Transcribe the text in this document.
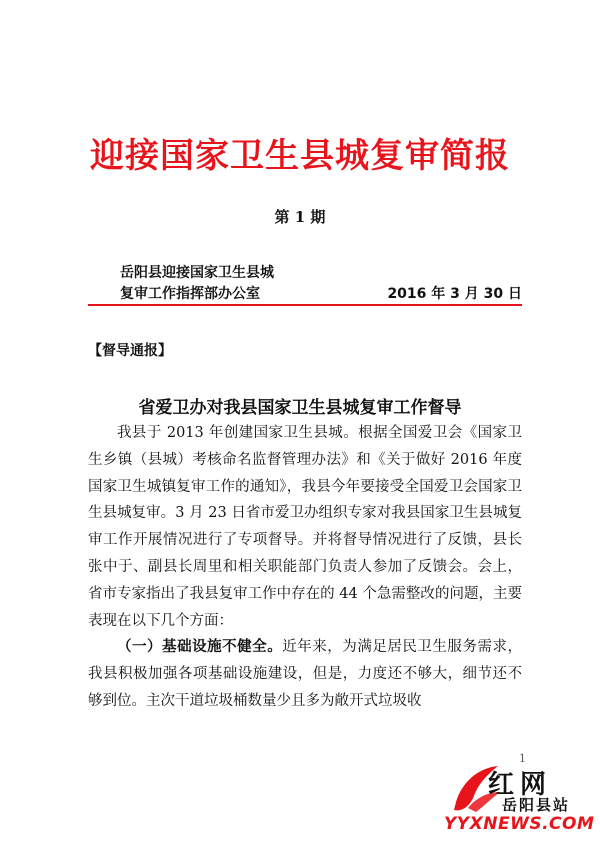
迎接国家卫生县城复审简报
第 1 期
岳阳县迎接国家卫生县城
复审工作指挥部办公室	2016 年 3 月 30 日
【督导通报】
省爱卫办对我县国家卫生县城复审工作督导

我县于 2013 年创建国家卫生县城。根据全国爱卫会《国家卫生乡镇（县城）考核命名监督管理办法》和《关于做好 2016 年度国家卫生城镇复审工作的通知》，我县今年要接受全国爱卫会国家卫生县城复审。3 月 23 日省市爱卫办组织专家对我县国家卫生县城复审工作开展情况进行了专项督导。并将督导情况进行了反馈，县长张中于、副县长周里和相关职能部门负责人参加了反馈会。会上，省市专家指出了我县复审工作中存在的 44 个急需整改的问题，主要表现在以下几个方面：

（一）基础设施不健全。近年来，为满足居民卫生服务需求，我县积极加强各项基础设施建设，但是，力度还不够大，细节还不够到位。主次干道垃圾桶数量少且多为敞开式垃圾收

1
红网
岳阳县站
YYXNEWS.COM
